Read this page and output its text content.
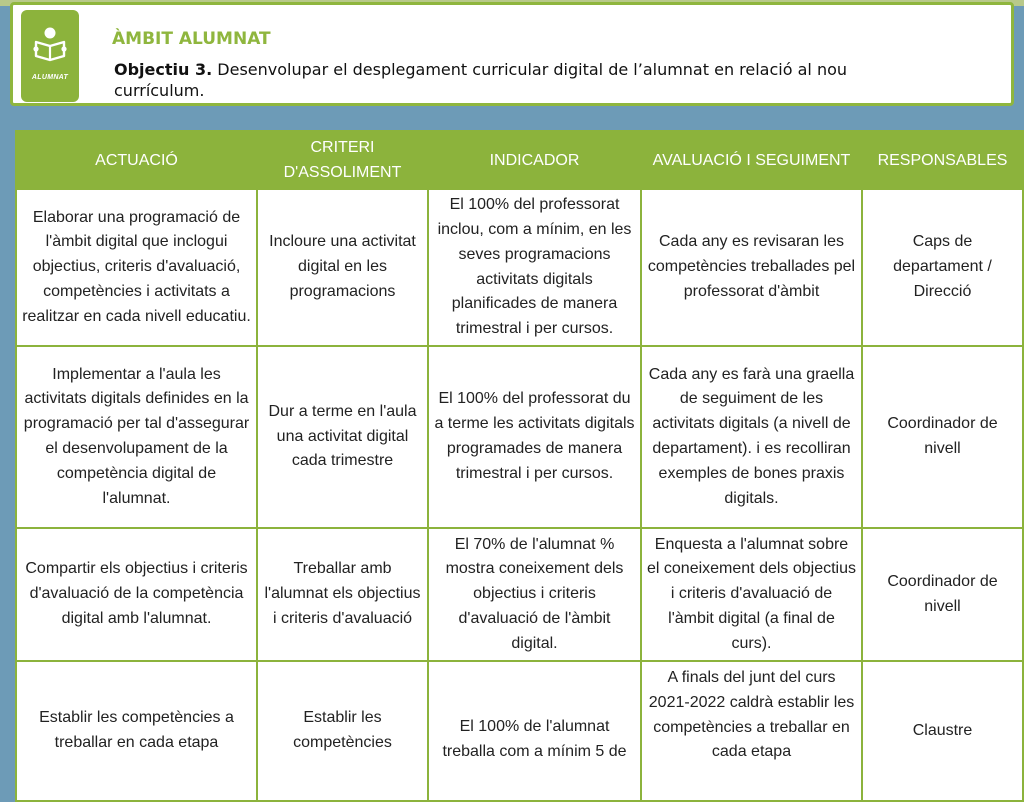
ALUMNAT
ÀMBIT ALUMNAT
Objectiu 3. Desenvolupar el desplegament curricular digital de l’alumnat en relació al nou currículum.
ACTUACIÓ	CRITERI D'ASSOLIMENT	INDICADOR	AVALUACIÓ I SEGUIMENT	RESPONSABLES
Elaborar una programació de l'àmbit digital que inclogui objectius, criteris d'avaluació, competències i activitats a realitzar en cada nivell educatiu.	Incloure una activitat digital en les programacions	El 100% del professorat inclou, com a mínim, en les seves programacions activitats digitals planificades de manera trimestral i per cursos.	Cada any es revisaran les competències treballades pel professorat d'àmbit	Caps de departament / Direcció
Implementar a l'aula les activitats digitals definides en la programació per tal d'assegurar el desenvolupament de la competència digital de l'alumnat.	Dur a terme en l'aula una activitat digital cada trimestre	El 100% del professorat du a terme les activitats digitals programades de manera trimestral i per cursos.	Cada any es farà una graella de seguiment de les activitats digitals (a nivell de departament). i es recolliran exemples de bones praxis digitals.	Coordinador de nivell
Compartir els objectius i criteris d'avaluació de la competència digital amb l'alumnat.	Treballar amb l'alumnat els objectius i criteris d'avaluació	El 70% de l'alumnat % mostra coneixement dels objectius i criteris d'avaluació de l'àmbit digital.	Enquesta a l'alumnat sobre el coneixement dels objectius i criteris d'avaluació de l'àmbit digital (a final de curs).	Coordinador de nivell
Establir les competències a treballar en cada etapa	Establir les competències	El 100% de l'alumnat treballa com a mínim 5 de	A finals del junt del curs 2021-2022 caldrà establir les competències a treballar en cada etapa	Claustre
